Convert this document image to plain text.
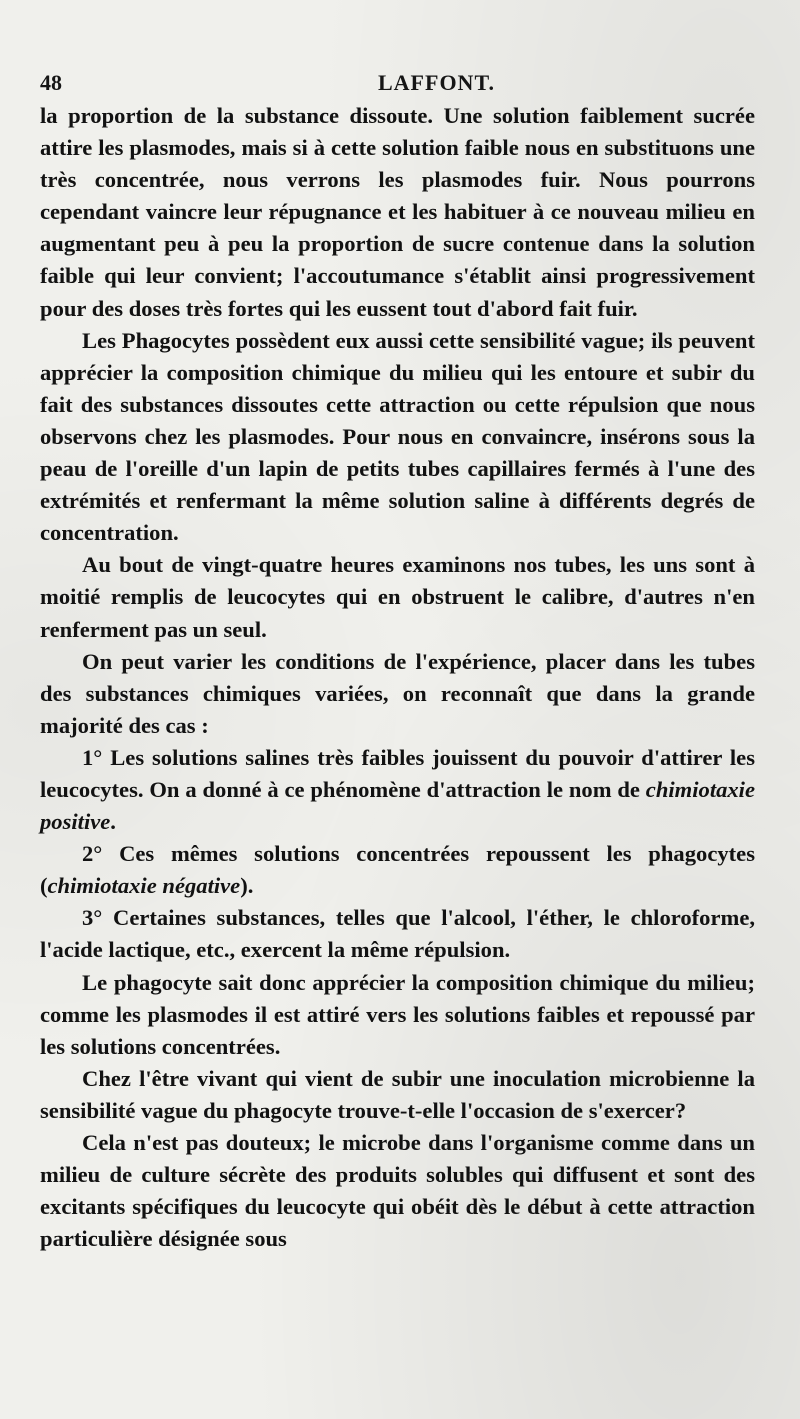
48	LAFFONT.

la proportion de la substance dissoute. Une solution faiblement sucrée attire les plasmodes, mais si à cette solution faible nous en substituons une très concentrée, nous verrons les plasmodes fuir. Nous pourrons cependant vaincre leur répugnance et les habituer à ce nouveau milieu en augmentant peu à peu la proportion de sucre contenue dans la solution faible qui leur convient; l'accoutumance s'établit ainsi progressivement pour des doses très fortes qui les eussent tout d'abord fait fuir.

Les Phagocytes possèdent eux aussi cette sensibilité vague; ils peuvent apprécier la composition chimique du milieu qui les entoure et subir du fait des substances dissoutes cette attraction ou cette répulsion que nous observons chez les plasmodes. Pour nous en convaincre, insérons sous la peau de l'oreille d'un lapin de petits tubes capillaires fermés à l'une des extrémités et renfermant la même solution saline à différents degrés de concentration.

Au bout de vingt-quatre heures examinons nos tubes, les uns sont à moitié remplis de leucocytes qui en obstruent le calibre, d'autres n'en renferment pas un seul.

On peut varier les conditions de l'expérience, placer dans les tubes des substances chimiques variées, on reconnaît que dans la grande majorité des cas :

1° Les solutions salines très faibles jouissent du pouvoir d'attirer les leucocytes. On a donné à ce phénomène d'attraction le nom de chimiotaxie positive.

2° Ces mêmes solutions concentrées repoussent les phagocytes (chimiotaxie négative).

3° Certaines substances, telles que l'alcool, l'éther, le chloroforme, l'acide lactique, etc., exercent la même répulsion.

Le phagocyte sait donc apprécier la composition chimique du milieu; comme les plasmodes il est attiré vers les solutions faibles et repoussé par les solutions concentrées.

Chez l'être vivant qui vient de subir une inoculation microbienne la sensibilité vague du phagocyte trouve-t-elle l'occasion de s'exercer?

Cela n'est pas douteux; le microbe dans l'organisme comme dans un milieu de culture sécrète des produits solubles qui diffusent et sont des excitants spécifiques du leucocyte qui obéit dès le début à cette attraction particulière désignée sous
